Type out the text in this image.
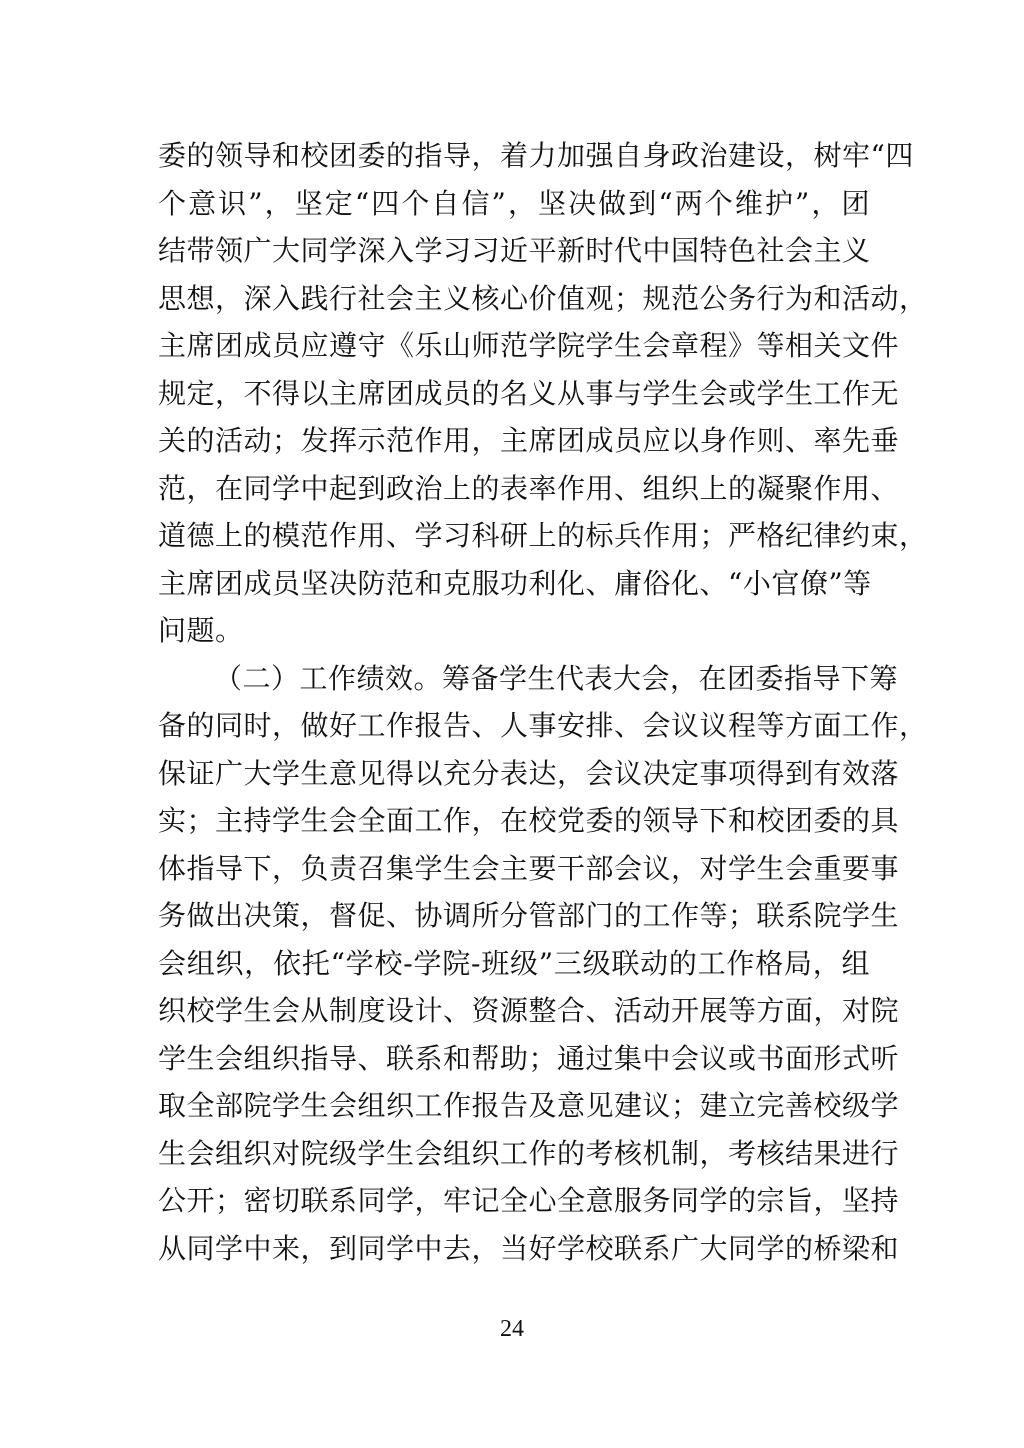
委的领导和校团委的指导，着力加强自身政治建设，树牢“四
个意识”，坚定“四个自信”，坚决做到“两个维护”，团
结带领广大同学深入学习习近平新时代中国特色社会主义
思想，深入践行社会主义核心价值观；规范公务行为和活动，
主席团成员应遵守《乐山师范学院学生会章程》等相关文件
规定，不得以主席团成员的名义从事与学生会或学生工作无
关的活动；发挥示范作用，主席团成员应以身作则、率先垂
范，在同学中起到政治上的表率作用、组织上的凝聚作用、
道德上的模范作用、学习科研上的标兵作用；严格纪律约束，
主席团成员坚决防范和克服功利化、庸俗化、“小官僚”等
问题。
（二）工作绩效。筹备学生代表大会，在团委指导下筹
备的同时，做好工作报告、人事安排、会议议程等方面工作，
保证广大学生意见得以充分表达，会议决定事项得到有效落
实；主持学生会全面工作，在校党委的领导下和校团委的具
体指导下，负责召集学生会主要干部会议，对学生会重要事
务做出决策，督促、协调所分管部门的工作等；联系院学生
会组织，依托“学校-学院-班级”三级联动的工作格局，组
织校学生会从制度设计、资源整合、活动开展等方面，对院
学生会组织指导、联系和帮助；通过集中会议或书面形式听
取全部院学生会组织工作报告及意见建议；建立完善校级学
生会组织对院级学生会组织工作的考核机制，考核结果进行
公开；密切联系同学，牢记全心全意服务同学的宗旨，坚持
从同学中来，到同学中去，当好学校联系广大同学的桥梁和
24
